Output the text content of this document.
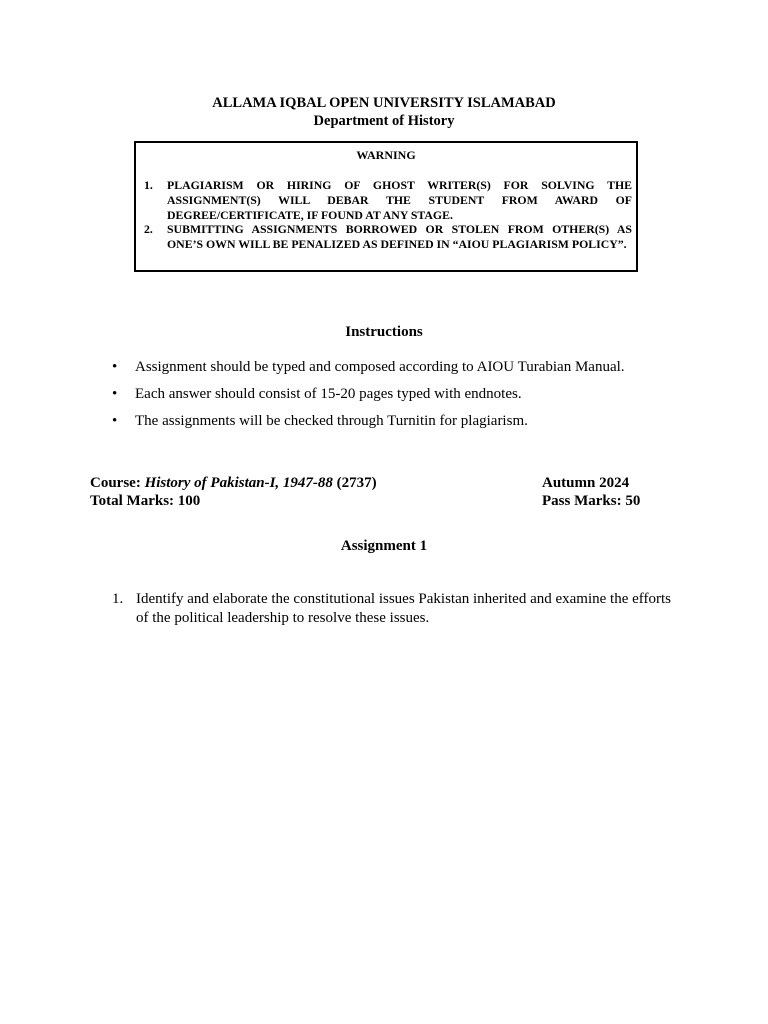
ALLAMA IQBAL OPEN UNIVERSITY ISLAMABAD
Department of History
WARNING
1. PLAGIARISM OR HIRING OF GHOST WRITER(S) FOR SOLVING THE ASSIGNMENT(S) WILL DEBAR THE STUDENT FROM AWARD OF DEGREE/CERTIFICATE, IF FOUND AT ANY STAGE.
2. SUBMITTING ASSIGNMENTS BORROWED OR STOLEN FROM OTHER(S) AS ONE’S OWN WILL BE PENALIZED AS DEFINED IN “AIOU PLAGIARISM POLICY”.
Instructions
• Assignment should be typed and composed according to AIOU Turabian Manual.
• Each answer should consist of 15-20 pages typed with endnotes.
• The assignments will be checked through Turnitin for plagiarism.
Course: History of Pakistan-I, 1947-88 (2737)
Total Marks: 100
Autumn 2024
Pass Marks: 50
Assignment 1
1. Identify and elaborate the constitutional issues Pakistan inherited and examine the efforts of the political leadership to resolve these issues.
